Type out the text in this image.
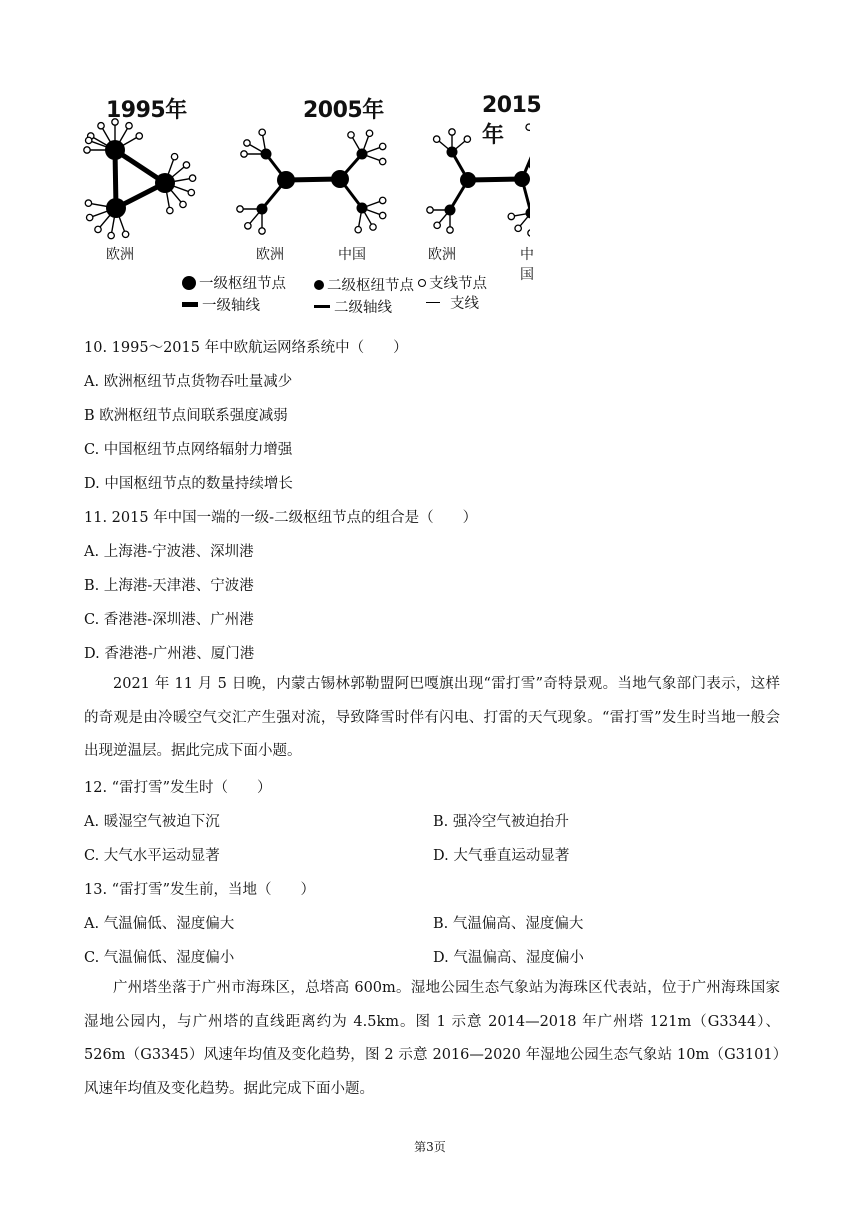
1995年	2005年	2015年
欧洲	欧洲	中国	欧洲	中国
一级枢纽节点	二级枢纽节点 支线节点
一级轴线	二级轴线	支线
10. 1995～2015 年中欧航运网络系统中（　　）
A. 欧洲枢纽节点货物吞吐量减少
B 欧洲枢纽节点间联系强度减弱
C. 中国枢纽节点网络辐射力增强
D. 中国枢纽节点的数量持续增长
11. 2015 年中国一端的一级-二级枢纽节点的组合是（　　）
A. 上海港-宁波港、深圳港
B. 上海港-天津港、宁波港
C. 香港港-深圳港、广州港
D. 香港港-广州港、厦门港
2021 年 11 月 5 日晚，内蒙古锡林郭勒盟阿巴嘎旗出现“雷打雪”奇特景观。当地气象部门表示，这样的奇观是由冷暖空气交汇产生强对流，导致降雪时伴有闪电、打雷的天气现象。“雷打雪”发生时当地一般会出现逆温层。据此完成下面小题。
12. “雷打雪”发生时（　　）
A. 暖湿空气被迫下沉	B. 强冷空气被迫抬升
C. 大气水平运动显著	D. 大气垂直运动显著
13. “雷打雪”发生前，当地（　　）
A. 气温偏低、湿度偏大	B. 气温偏高、湿度偏大
C. 气温偏低、湿度偏小	D. 气温偏高、湿度偏小
广州塔坐落于广州市海珠区，总塔高 600m。湿地公园生态气象站为海珠区代表站，位于广州海珠国家湿地公园内，与广州塔的直线距离约为 4.5km。图 1 示意 2014—2018 年广州塔 121m（G3344）、526m（G3345）风速年均值及变化趋势，图 2 示意 2016—2020 年湿地公园生态气象站 10m（G3101）风速年均值及变化趋势。据此完成下面小题。
第3页
